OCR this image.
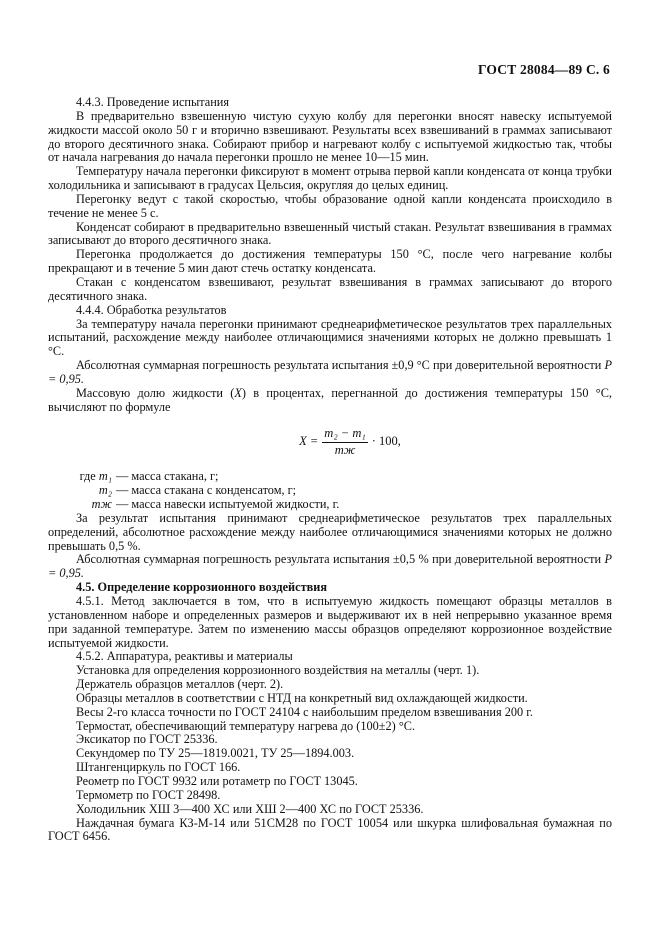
ГОСТ 28084—89 С. 6

4.4.3. Проведение испытания

В предварительно взвешенную чистую сухую колбу для перегонки вносят навеску испытуемой жидкости массой около 50 г и вторично взвешивают. Результаты всех взвешиваний в граммах записывают до второго десятичного знака. Собирают прибор и нагревают колбу с испытуемой жидкостью так, чтобы от начала нагревания до начала перегонки прошло не менее 10—15 мин.

Температуру начала перегонки фиксируют в момент отрыва первой капли конденсата от конца трубки холодильника и записывают в градусах Цельсия, округляя до целых единиц.

Перегонку ведут с такой скоростью, чтобы образование одной капли конденсата происходило в течение не менее 5 с.

Конденсат собирают в предварительно взвешенный чистый стакан. Результат взвешивания в граммах записывают до второго десятичного знака.

Перегонка продолжается до достижения температуры 150 °С, после чего нагревание колбы прекращают и в течение 5 мин дают стечь остатку конденсата.

Стакан с конденсатом взвешивают, результат взвешивания в граммах записывают до второго десятичного знака.

4.4.4. Обработка результатов

За температуру начала перегонки принимают среднеарифметическое результатов трех параллельных испытаний, расхождение между наиболее отличающимися значениями которых не должно превышать 1 °С.

Абсолютная суммарная погрешность результата испытания ±0,9 °С при доверительной вероятности P = 0,95.

Массовую долю жидкости (X) в процентах, перегнанной до достижения температуры 150 °С, вычисляют по формуле

$X = \frac{\text{m₂ − m₁}}{mж} \cdot 100$,
где m₁ — масса стакана, г;
m₂ — масса стакана с конденсатом, г;
mж — масса навески испытуемой жидкости, г.

За результат испытания принимают среднеарифметическое результатов трех параллельных определений, абсолютное расхождение между наиболее отличающимися значениями которых не должно превышать 0,5 %.

Абсолютная суммарная погрешность результата испытания ±0,5 % при доверительной вероятности P = 0,95.

4.5. Определение коррозионного воздействия

4.5.1. Метод заключается в том, что в испытуемую жидкость помещают образцы металлов в установленном наборе и определенных размеров и выдерживают их в ней непрерывно указанное время при заданной температуре. Затем по изменению массы образцов определяют коррозионное воздействие испытуемой жидкости.

4.5.2. Аппаратура, реактивы и материалы

Установка для определения коррозионного воздействия на металлы (черт. 1).

Держатель образцов металлов (черт. 2).

Образцы металлов в соответствии с НТД на конкретный вид охлаждающей жидкости.

Весы 2-го класса точности по ГОСТ 24104 с наибольшим пределом взвешивания 200 г.

Термостат, обеспечивающий температуру нагрева до (100±2) °С.

Эксикатор по ГОСТ 25336.

Секундомер по ТУ 25—1819.0021, ТУ 25—1894.003.

Штангенциркуль по ГОСТ 166.

Реометр по ГОСТ 9932 или ротаметр по ГОСТ 13045.

Термометр по ГОСТ 28498.

Холодильник ХШ 3—400 ХС или ХШ 2—400 ХС по ГОСТ 25336.

Наждачная бумага КЗ-М-14 или 51СМ28 по ГОСТ 10054 или шкурка шлифовальная бумажная по ГОСТ 6456.
